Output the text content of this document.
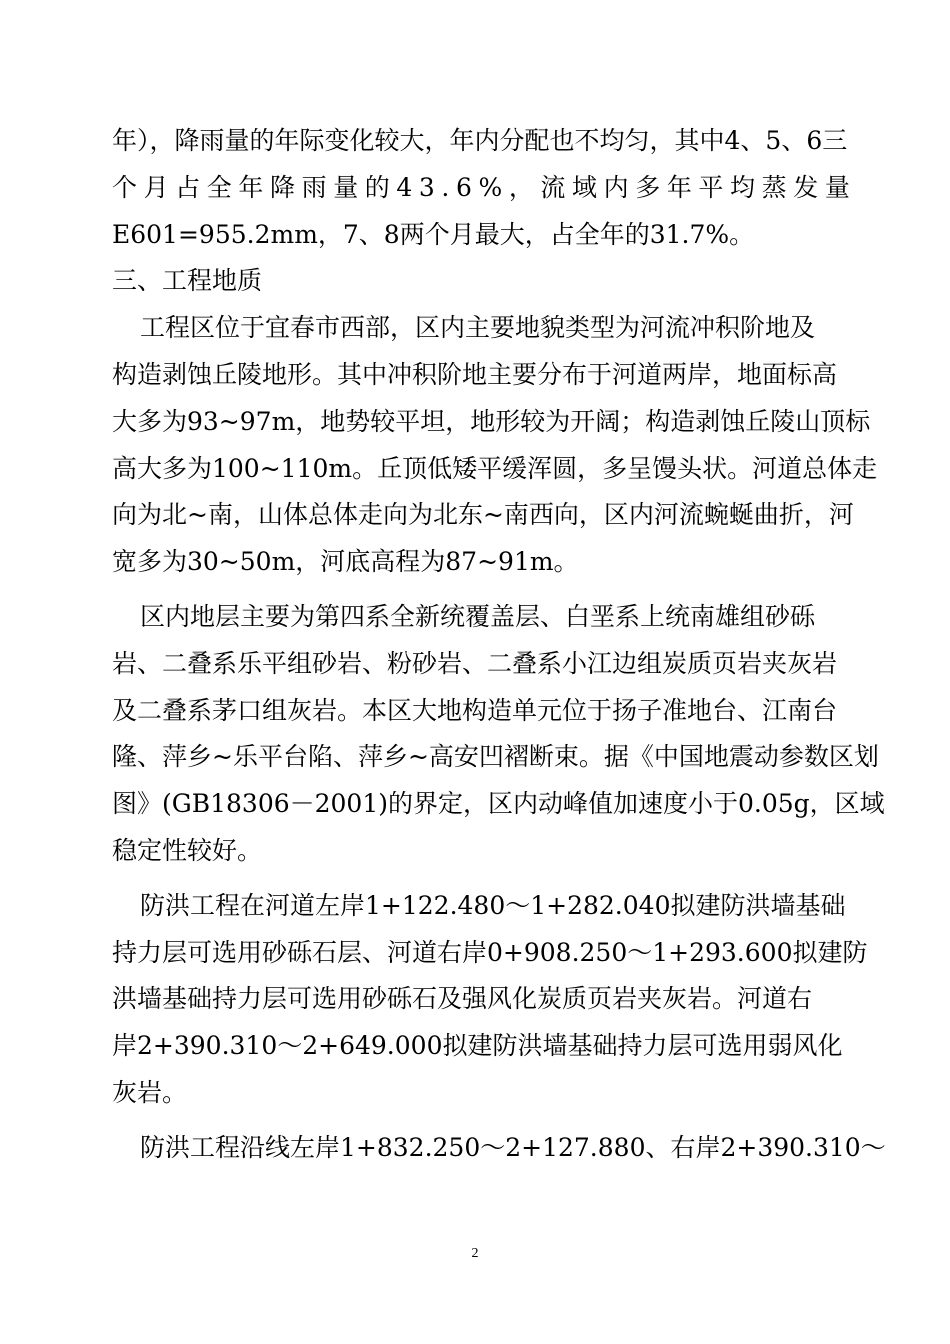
年），降雨量的年际变化较大，年内分配也不均匀，其中4、5、6三
个月占全年降雨量的43.6%，流域内多年平均蒸发量
E601=955.2mm，7、8两个月最大，占全年的31.7%。
三、工程地质
工程区位于宜春市西部，区内主要地貌类型为河流冲积阶地及
构造剥蚀丘陵地形。其中冲积阶地主要分布于河道两岸，地面标高
大多为93~97m，地势较平坦，地形较为开阔；构造剥蚀丘陵山顶标
高大多为100~110m。丘顶低矮平缓浑圆，多呈馒头状。河道总体走
向为北~南，山体总体走向为北东~南西向，区内河流蜿蜒曲折，河
宽多为30~50m，河底高程为87~91m。
区内地层主要为第四系全新统覆盖层、白垩系上统南雄组砂砾
岩、二叠系乐平组砂岩、粉砂岩、二叠系小江边组炭质页岩夹灰岩
及二叠系茅口组灰岩。本区大地构造单元位于扬子准地台、江南台
隆、萍乡~乐平台陷、萍乡~高安凹褶断束。据《中国地震动参数区划
图》(GB18306－2001)的界定，区内动峰值加速度小于0.05g，区域
稳定性较好。
防洪工程在河道左岸1+122.480～1+282.040拟建防洪墙基础
持力层可选用砂砾石层、河道右岸0+908.250～1+293.600拟建防
洪墙基础持力层可选用砂砾石及强风化炭质页岩夹灰岩。河道右
岸2+390.310～2+649.000拟建防洪墙基础持力层可选用弱风化
灰岩。
防洪工程沿线左岸1+832.250～2+127.880、右岸2+390.310～
2
